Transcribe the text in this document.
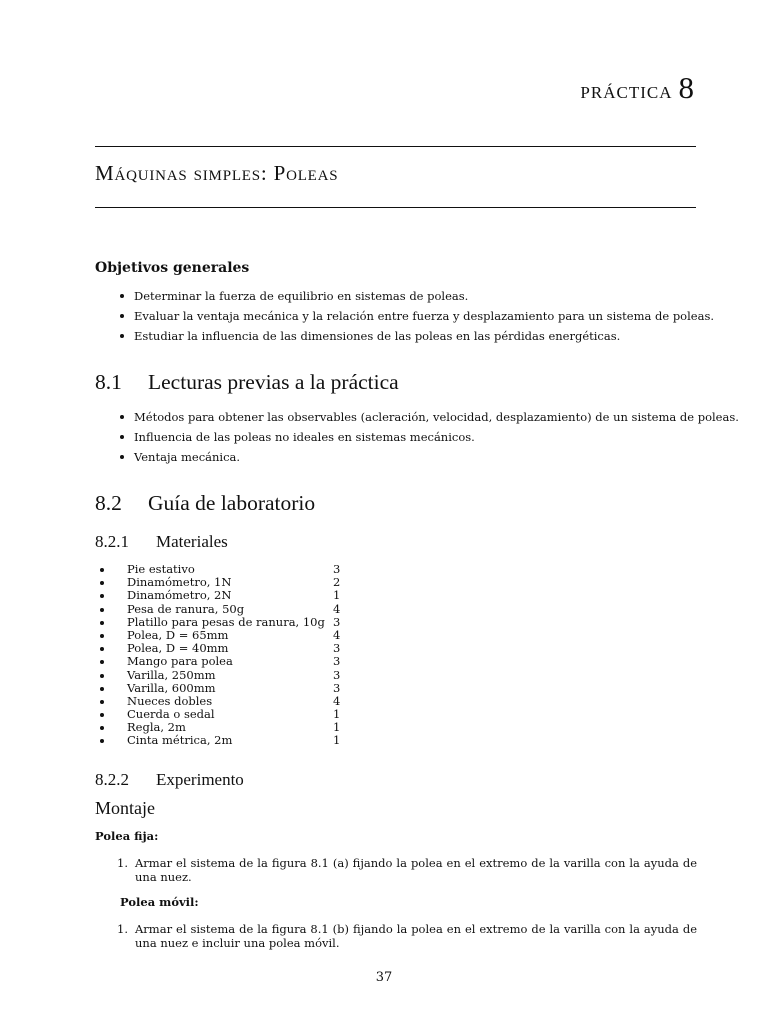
práctica 8
Máquinas simples: Poleas
Objetivos generales
Determinar la fuerza de equilibrio en sistemas de poleas.
Evaluar la ventaja mecánica y la relación entre fuerza y desplazamiento para un sistema de poleas.
Estudiar la influencia de las dimensiones de las poleas en las pérdidas energéticas.
8.1 Lecturas previas a la práctica
Métodos para obtener las observables (acleración, velocidad, desplazamiento) de un sistema de poleas.
Influencia de las poleas no ideales en sistemas mecánicos.
Ventaja mecánica.
8.2 Guía de laboratorio
8.2.1 Materiales
Pie estativo	3
Dinamómetro, 1N	2
Dinamómetro, 2N	1
Pesa de ranura, 50g	4
Platillo para pesas de ranura, 10g 3
Polea, D = 65mm	4
Polea, D = 40mm	3
Mango para polea	3
Varilla, 250mm	3
Varilla, 600mm	3
Nueces dobles	4
Cuerda o sedal	1
Regla, 2m	1
Cinta métrica, 2m	1
8.2.2 Experimento
Montaje
Polea fija:
1. Armar el sistema de la figura 8.1 (a) fijando la polea en el extremo de la varilla con la ayuda de una nuez.
Polea móvil:
1. Armar el sistema de la figura 8.1 (b) fijando la polea en el extremo de la varilla con la ayuda de una nuez e incluir una polea móvil.
37
